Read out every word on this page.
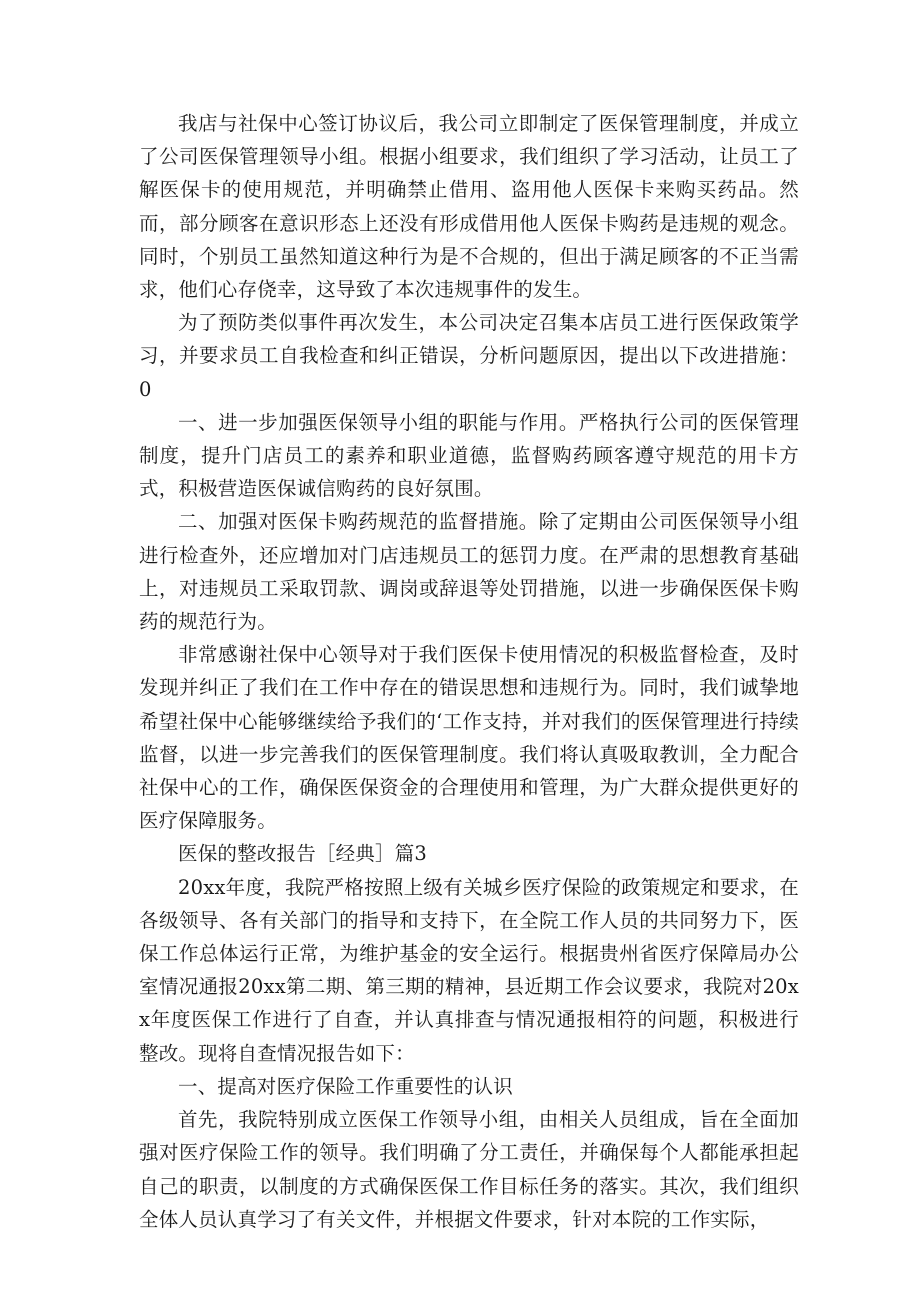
我店与社保中心签订协议后，我公司立即制定了医保管理制度，并成立了公司医保管理领导小组。根据小组要求，我们组织了学习活动，让员工了解医保卡的使用规范，并明确禁止借用、盗用他人医保卡来购买药品。然而，部分顾客在意识形态上还没有形成借用他人医保卡购药是违规的观念。同时，个别员工虽然知道这种行为是不合规的，但出于满足顾客的不正当需求，他们心存侥幸，这导致了本次违规事件的发生。

为了预防类似事件再次发生，本公司决定召集本店员工进行医保政策学习，并要求员工自我检查和纠正错误，分析问题原因，提出以下改进措施：0

一、进一步加强医保领导小组的职能与作用。严格执行公司的医保管理制度，提升门店员工的素养和职业道德，监督购药顾客遵守规范的用卡方式，积极营造医保诚信购药的良好氛围。

二、加强对医保卡购药规范的监督措施。除了定期由公司医保领导小组进行检查外，还应增加对门店违规员工的惩罚力度。在严肃的思想教育基础上，对违规员工采取罚款、调岗或辞退等处罚措施，以进一步确保医保卡购药的规范行为。

非常感谢社保中心领导对于我们医保卡使用情况的积极监督检查，及时发现并纠正了我们在工作中存在的错误思想和违规行为。同时，我们诚挚地希望社保中心能够继续给予我们的‘工作支持，并对我们的医保管理进行持续监督，以进一步完善我们的医保管理制度。我们将认真吸取教训，全力配合社保中心的工作，确保医保资金的合理使用和管理，为广大群众提供更好的医疗保障服务。

医保的整改报告［经典］篇3

20xx年度，我院严格按照上级有关城乡医疗保险的政策规定和要求，在各级领导、各有关部门的指导和支持下，在全院工作人员的共同努力下，医保工作总体运行正常，为维护基金的安全运行。根据贵州省医疗保障局办公室情况通报20xx第二期、第三期的精神，县近期工作会议要求，我院对20xx年度医保工作进行了自查，并认真排查与情况通报相符的问题，积极进行整改。现将自查情况报告如下：

一、提高对医疗保险工作重要性的认识

首先，我院特别成立医保工作领导小组，由相关人员组成，旨在全面加强对医疗保险工作的领导。我们明确了分工责任，并确保每个人都能承担起自己的职责，以制度的方式确保医保工作目标任务的落实。其次，我们组织全体人员认真学习了有关文件，并根据文件要求，针对本院的工作实际，
